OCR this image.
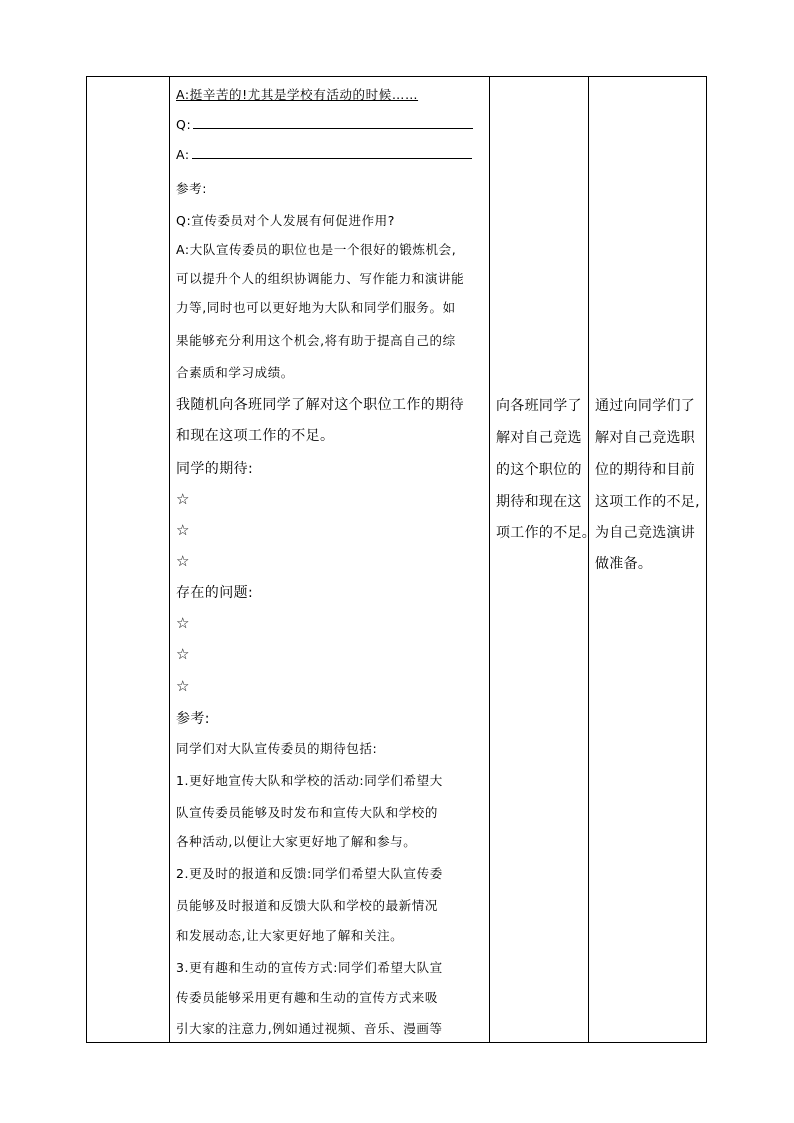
A:挺辛苦的!尤其是学校有活动的时候……
Q:
A:
参考:
Q:宣传委员对个人发展有何促进作用?
A:大队宣传委员的职位也是一个很好的锻炼机会,
可以提升个人的组织协调能力、写作能力和演讲能
力等,同时也可以更好地为大队和同学们服务。如
果能够充分利用这个机会,将有助于提高自己的综
合素质和学习成绩。
我随机向各班同学了解对这个职位工作的期待
和现在这项工作的不足。
同学的期待:
☆
☆
☆
存在的问题:
☆
☆
☆
参考:
同学们对大队宣传委员的期待包括:
1.更好地宣传大队和学校的活动:同学们希望大
队宣传委员能够及时发布和宣传大队和学校的
各种活动,以便让大家更好地了解和参与。
2.更及时的报道和反馈:同学们希望大队宣传委
员能够及时报道和反馈大队和学校的最新情况
和发展动态,让大家更好地了解和关注。
3.更有趣和生动的宣传方式:同学们希望大队宣
传委员能够采用更有趣和生动的宣传方式来吸
引大家的注意力,例如通过视频、音乐、漫画等
向各班同学了
解对自己竞选
的这个职位的
期待和现在这
项工作的不足。
通过向同学们了
解对自己竞选职
位的期待和目前
这项工作的不足,
为自己竞选演讲
做准备。
